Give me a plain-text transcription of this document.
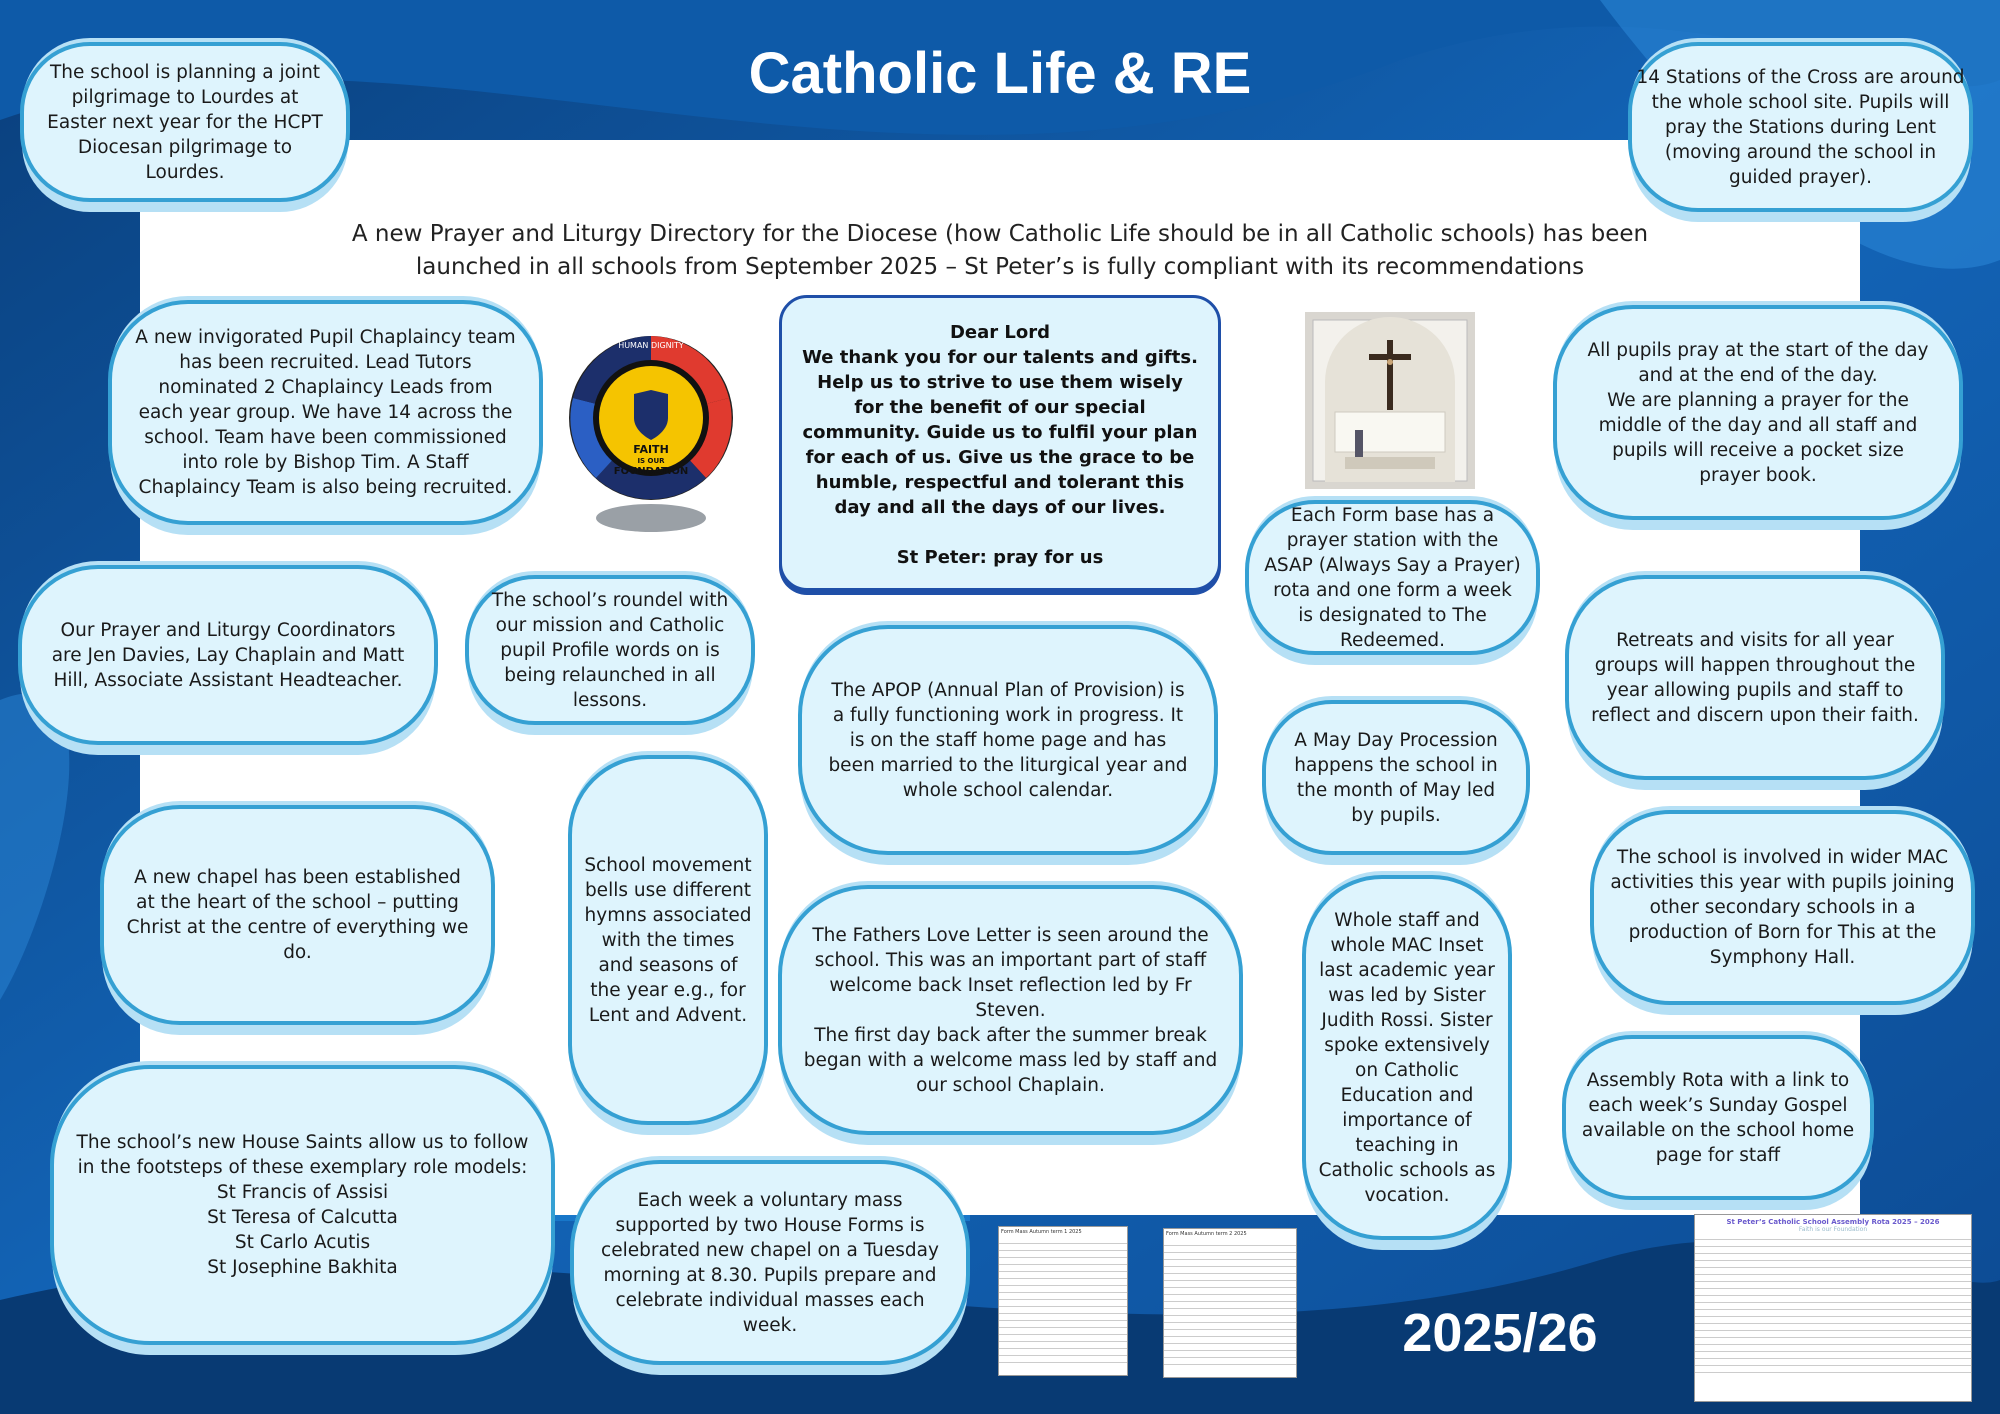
Catholic Life & RE
A new Prayer and Liturgy Directory for the Diocese (how Catholic Life should be in all Catholic schools) has been launched in all schools from September 2025 – St Peter’s is fully compliant with its recommendations
The school is planning a joint pilgrimage to Lourdes at Easter next year for the HCPT Diocesan pilgrimage to Lourdes.
14 Stations of the Cross are around the whole school site. Pupils will pray the Stations during Lent (moving around the school in guided prayer).
A new invigorated Pupil Chaplaincy team has been recruited. Lead Tutors nominated 2 Chaplaincy Leads from each year group. We have 14 across the school. Team have been commissioned into role by Bishop Tim. A Staff Chaplaincy Team is also being recruited.
All pupils pray at the start of the day and at the end of the day.
We are planning a prayer for the middle of the day and all staff and pupils will receive a pocket size prayer book.
Our Prayer and Liturgy Coordinators are Jen Davies, Lay Chaplain and Matt Hill, Associate Assistant Headteacher.
The school’s roundel with our mission and Catholic pupil Profile words on is being relaunched in all lessons.
Each Form base has a prayer station with the ASAP (Always Say a Prayer) rota and one form a week is designated to The Redeemed.	Retreats and visits for all year groups will happen throughout the year allowing pupils and staff to reflect and discern upon their faith.
The APOP (Annual Plan of Provision) is a fully functioning work in progress. It is on the staff home page and has been married to the liturgical year and whole school calendar.
A May Day Procession happens the school in the month of May led by pupils.
A new chapel has been established at the heart of the school – putting Christ at the centre of everything we do.
School movement bells use different hymns associated with the times and seasons of the year e.g., for Lent and Advent.
The school is involved in wider MAC activities this year with pupils joining other secondary schools in a production of Born for This at the Symphony Hall.
The Fathers Love Letter is seen around the school. This was an important part of staff welcome back Inset reflection led by Fr Steven.
The first day back after the summer break began with a welcome mass led by staff and our school Chaplain.
Whole staff and whole MAC Inset last academic year was led by Sister Judith Rossi. Sister spoke extensively on Catholic Education and importance of teaching in Catholic schools as vocation.
Assembly Rota with a link to each week’s Sunday Gospel available on the school home page for staff
The school’s new House Saints allow us to follow in the footsteps of these exemplary role models:
St Francis of Assisi
St Teresa of Calcutta
St Carlo Acutis
St Josephine Bakhita
Each week a voluntary mass supported by two House Forms is celebrated new chapel on a Tuesday morning at 8.30. Pupils prepare and celebrate individual masses each week.

Dear Lord

We thank you for our talents and gifts. Help us to strive to use them wisely for the benefit of our special community. Guide us to fulfil your plan for each of us. Give us the grace to be humble, respectful and tolerant this day and all the days of our lives.

St Peter: pray for us

HUMAN DIGNITY
FAITH
IS OUR
FOUNDATION
Form Mass Autumn term 1 2025	Form Mass Autumn term 2 2025
St Peter’s Catholic School Assembly Rota 2025 – 2026
Faith is our Foundation
2025/26
